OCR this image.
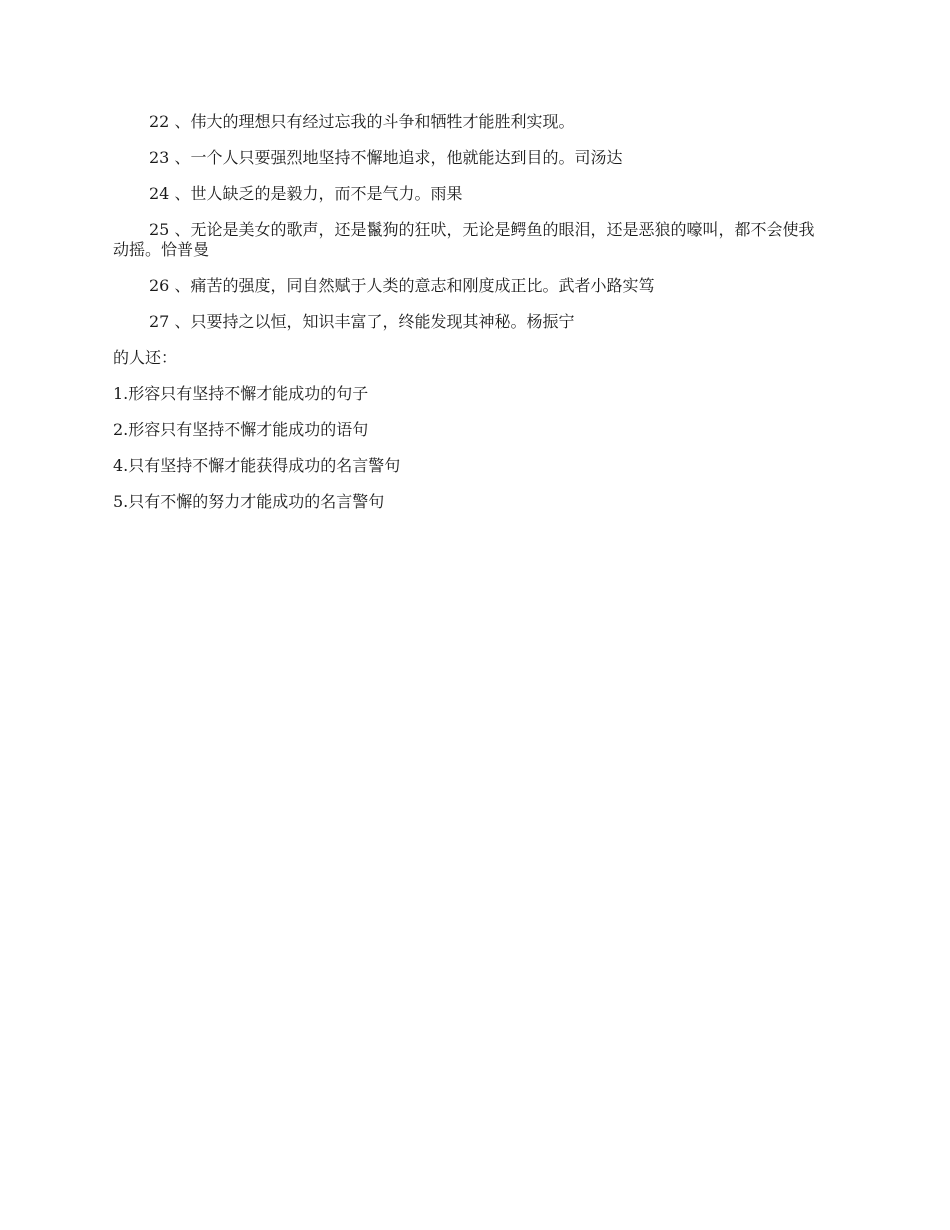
22 、伟大的理想只有经过忘我的斗争和牺牲才能胜利实现。

23 、一个人只要强烈地坚持不懈地追求，他就能达到目的。司汤达

24 、世人缺乏的是毅力，而不是气力。雨果

25 、无论是美女的歌声，还是鬣狗的狂吠，无论是鳄鱼的眼泪，还是恶狼的嚎叫，都不会使我动摇。恰普曼

26 、痛苦的强度，同自然赋于人类的意志和刚度成正比。武者小路实笃

27 、只要持之以恒，知识丰富了，终能发现其神秘。杨振宁

的人还：

1.形容只有坚持不懈才能成功的句子

2.形容只有坚持不懈才能成功的语句

4.只有坚持不懈才能获得成功的名言警句

5.只有不懈的努力才能成功的名言警句
